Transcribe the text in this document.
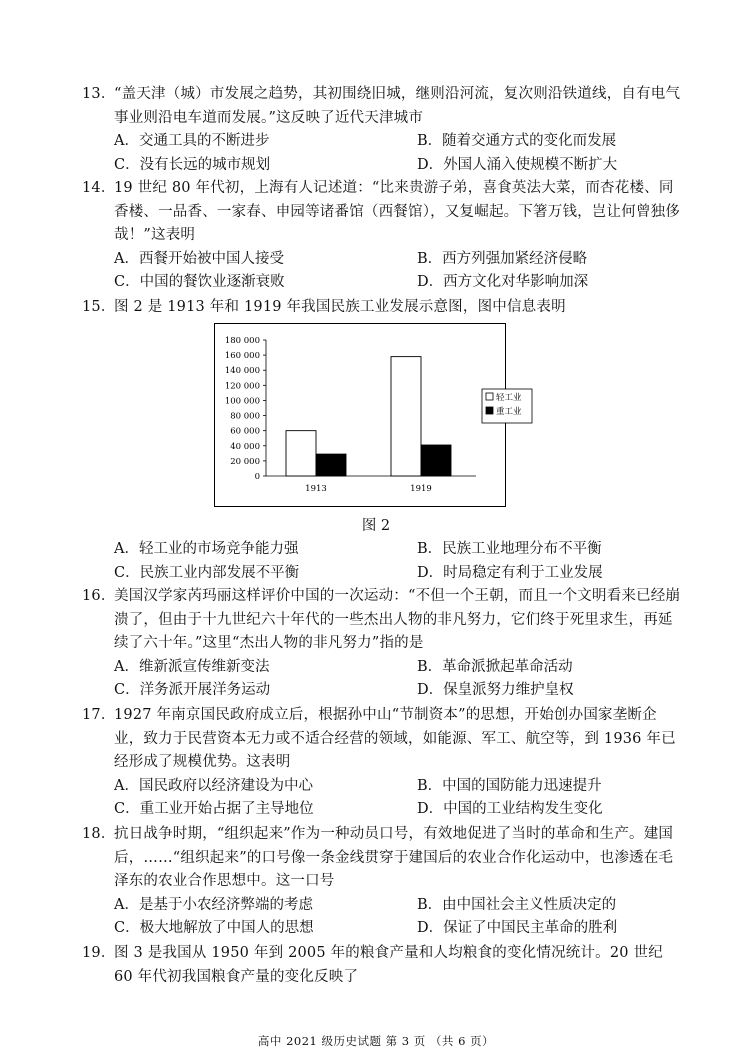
13．“盖天津（城）市发展之趋势，其初围绕旧城，继则沿河流，复次则沿铁道线，自有电气事业则沿电车道而发展。”这反映了近代天津城市

A．交通工具的不断进步	B．随着交通方式的变化而发展
C．没有长远的城市规划	D．外国人涌入使规模不断扩大

14．19 世纪 80 年代初，上海有人记述道：“比来贵游子弟，喜食英法大菜，而杏花楼、同香楼、一品香、一家春、申园等诸番馆（西餐馆），又复崛起。下箸万钱，岂让何曾独侈哉！”这表明

A．西餐开始被中国人接受	B．西方列强加紧经济侵略
C．中国的餐饮业逐渐衰败	D．西方文化对华影响加深

15．图 2 是 1913 年和 1919 年我国民族工业发展示意图，图中信息表明

180 000
160 000
140 000
120 000
100 000
80 000
60 000
40 000
20 000
0
1913	1919
轻工业
重工业
图 2
A．轻工业的市场竞争能力强	B．民族工业地理分布不平衡
C．民族工业内部发展不平衡	D．时局稳定有利于工业发展

16．美国汉学家芮玛丽这样评价中国的一次运动：“不但一个王朝，而且一个文明看来已经崩溃了，但由于十九世纪六十年代的一些杰出人物的非凡努力，它们终于死里求生，再延续了六十年。”这里“杰出人物的非凡努力”指的是

A．维新派宣传维新变法	B．革命派掀起革命活动
C．洋务派开展洋务运动	D．保皇派努力维护皇权

17．1927 年南京国民政府成立后，根据孙中山“节制资本”的思想，开始创办国家垄断企业，致力于民营资本无力或不适合经营的领域，如能源、军工、航空等，到 1936 年已经形成了规模优势。这表明

A．国民政府以经济建设为中心	B．中国的国防能力迅速提升
C．重工业开始占据了主导地位	D．中国的工业结构发生变化

18．抗日战争时期，“组织起来”作为一种动员口号，有效地促进了当时的革命和生产。建国后，……“组织起来”的口号像一条金线贯穿于建国后的农业合作化运动中，也渗透在毛泽东的农业合作思想中。这一口号

A．是基于小农经济弊端的考虑	B．由中国社会主义性质决定的
C．极大地解放了中国人的思想	D．保证了中国民主革命的胜利

19．图 3 是我国从 1950 年到 2005 年的粮食产量和人均粮食的变化情况统计。20 世纪 60 年代初我国粮食产量的变化反映了

高中 2021 级历史试题 第 3 页 （共 6 页）
